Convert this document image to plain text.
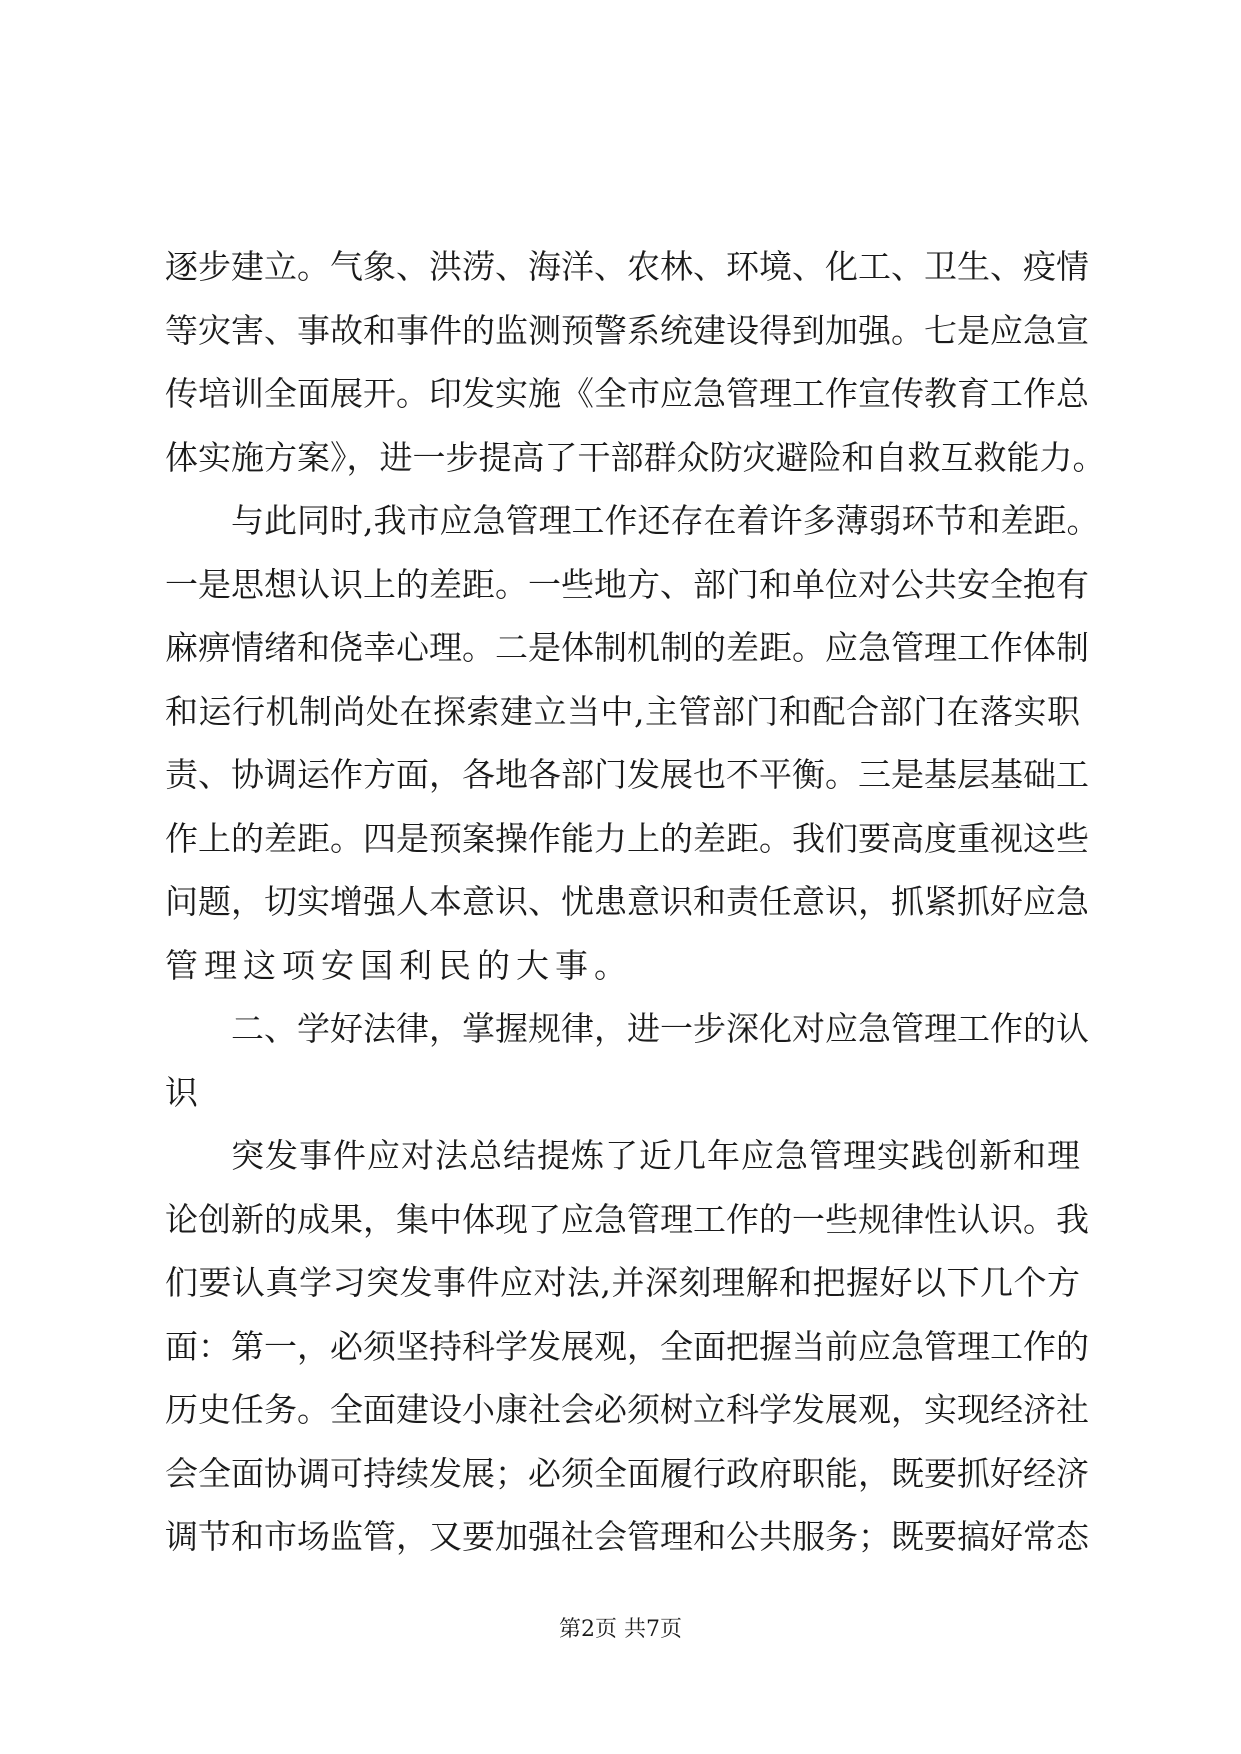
逐步建立。气象、洪涝、海洋、农林、环境、化工、卫生、疫情
等灾害、事故和事件的监测预警系统建设得到加强。七是应急宣
传培训全面展开。印发实施《全市应急管理工作宣传教育工作总
体实施方案》，进一步提高了干部群众防灾避险和自救互救能力。
与此同时,我市应急管理工作还存在着许多薄弱环节和差距。
一是思想认识上的差距。一些地方、部门和单位对公共安全抱有
麻痹情绪和侥幸心理。二是体制机制的差距。应急管理工作体制
和运行机制尚处在探索建立当中,主管部门和配合部门在落实职
责、协调运作方面，各地各部门发展也不平衡。三是基层基础工
作上的差距。四是预案操作能力上的差距。我们要高度重视这些
问题，切实增强人本意识、忧患意识和责任意识，抓紧抓好应急
管理这项安国利民的大事。
二、学好法律，掌握规律，进一步深化对应急管理工作的认
识
突发事件应对法总结提炼了近几年应急管理实践创新和理
论创新的成果，集中体现了应急管理工作的一些规律性认识。我
们要认真学习突发事件应对法,并深刻理解和把握好以下几个方
面：第一，必须坚持科学发展观，全面把握当前应急管理工作的
历史任务。全面建设小康社会必须树立科学发展观，实现经济社
会全面协调可持续发展；必须全面履行政府职能，既要抓好经济
调节和市场监管，又要加强社会管理和公共服务；既要搞好常态
第2页 共7页
